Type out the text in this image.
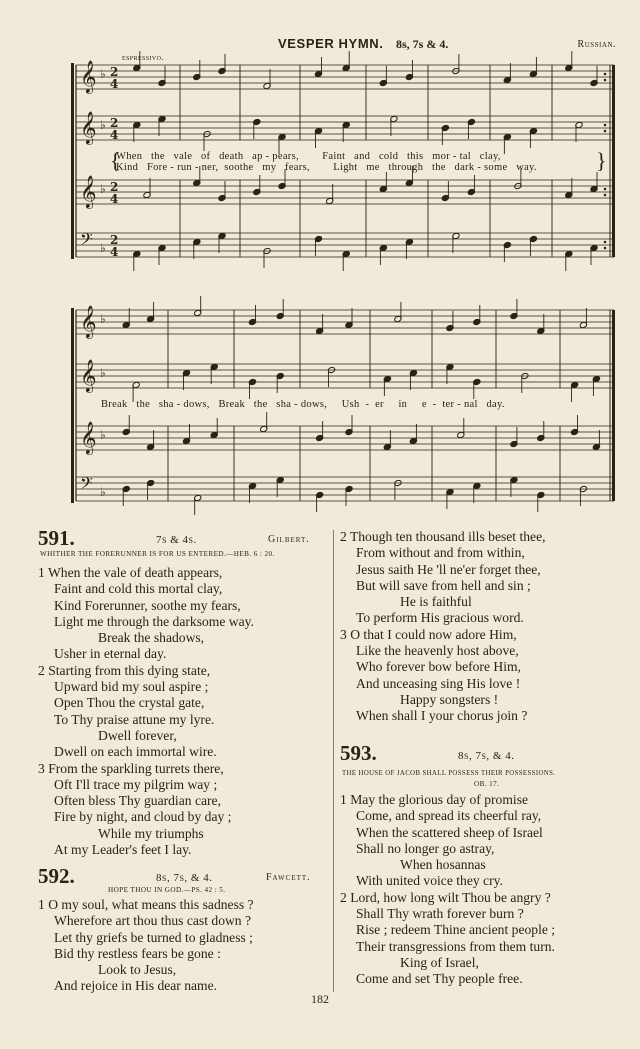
VESPER HYMN. 8s, 7s & 4.	Russian.
espressivo.
𝄞 ♭ 2
4
𝄞 ♭ 2
4
𝄞 ♭ 2
4
𝄢 ♭
2
4
𝄞 ♭
𝄞 ♭
𝄞 ♭
𝄢 ♭
When   the   vale   of   death   ap - pears,        Faint   and   cold   this   mor - tal   clay,
Kind   Fore - run - ner,  soothe   my   fears,        Light   me   through   the   dark - some   way.
Break   the   sha - dows,   Break   the   sha - dows,     Ush  -  er     in     e  -  ter - nal   day.
{	}
591.	7s & 4s.	Gilbert.
WHITHER THE FORERUNNER IS FOR US ENTERED.—HEB. 6 : 20.
1 When the vale of death appears,
Faint and cold this mortal clay,
Kind Forerunner, soothe my fears,
Light me through the darksome way.
Break the shadows,
Usher in eternal day.
2 Starting from this dying state,
Upward bid my soul aspire ;
Open Thou the crystal gate,
To Thy praise attune my lyre.
Dwell forever,
Dwell on each immortal wire.
3 From the sparkling turrets there,
Oft I'll trace my pilgrim way ;
Often bless Thy guardian care,
Fire by night, and cloud by day ;
While my triumphs
At my Leader's feet I lay.
592.	8s, 7s, & 4.	Fawcett.
HOPE THOU IN GOD.—PS. 42 : 5.
1 O my soul, what means this sadness ?
Wherefore art thou thus cast down ?
Let thy griefs be turned to gladness ;
Bid thy restless fears be gone :
Look to Jesus,
And rejoice in His dear name.
2 Though ten thousand ills beset thee,
From without and from within,
Jesus saith He 'll ne'er forget thee,
But will save from hell and sin ;
He is faithful
To perform His gracious word.
3 O that I could now adore Him,
Like the heavenly host above,
Who forever bow before Him,
And unceasing sing His love !
Happy songsters !
When shall I your chorus join ?
593.	8s, 7s, & 4.
THE HOUSE OF JACOB SHALL POSSESS THEIR POSSESSIONS.
OB. 17.
1 May the glorious day of promise
Come, and spread its cheerful ray,
When the scattered sheep of Israel
Shall no longer go astray,
When hosannas
With united voice they cry.
2 Lord, how long wilt Thou be angry ?
Shall Thy wrath forever burn ?
Rise ; redeem Thine ancient people ;
Their transgressions from them turn.
King of Israel,
Come and set Thy people free.
182
